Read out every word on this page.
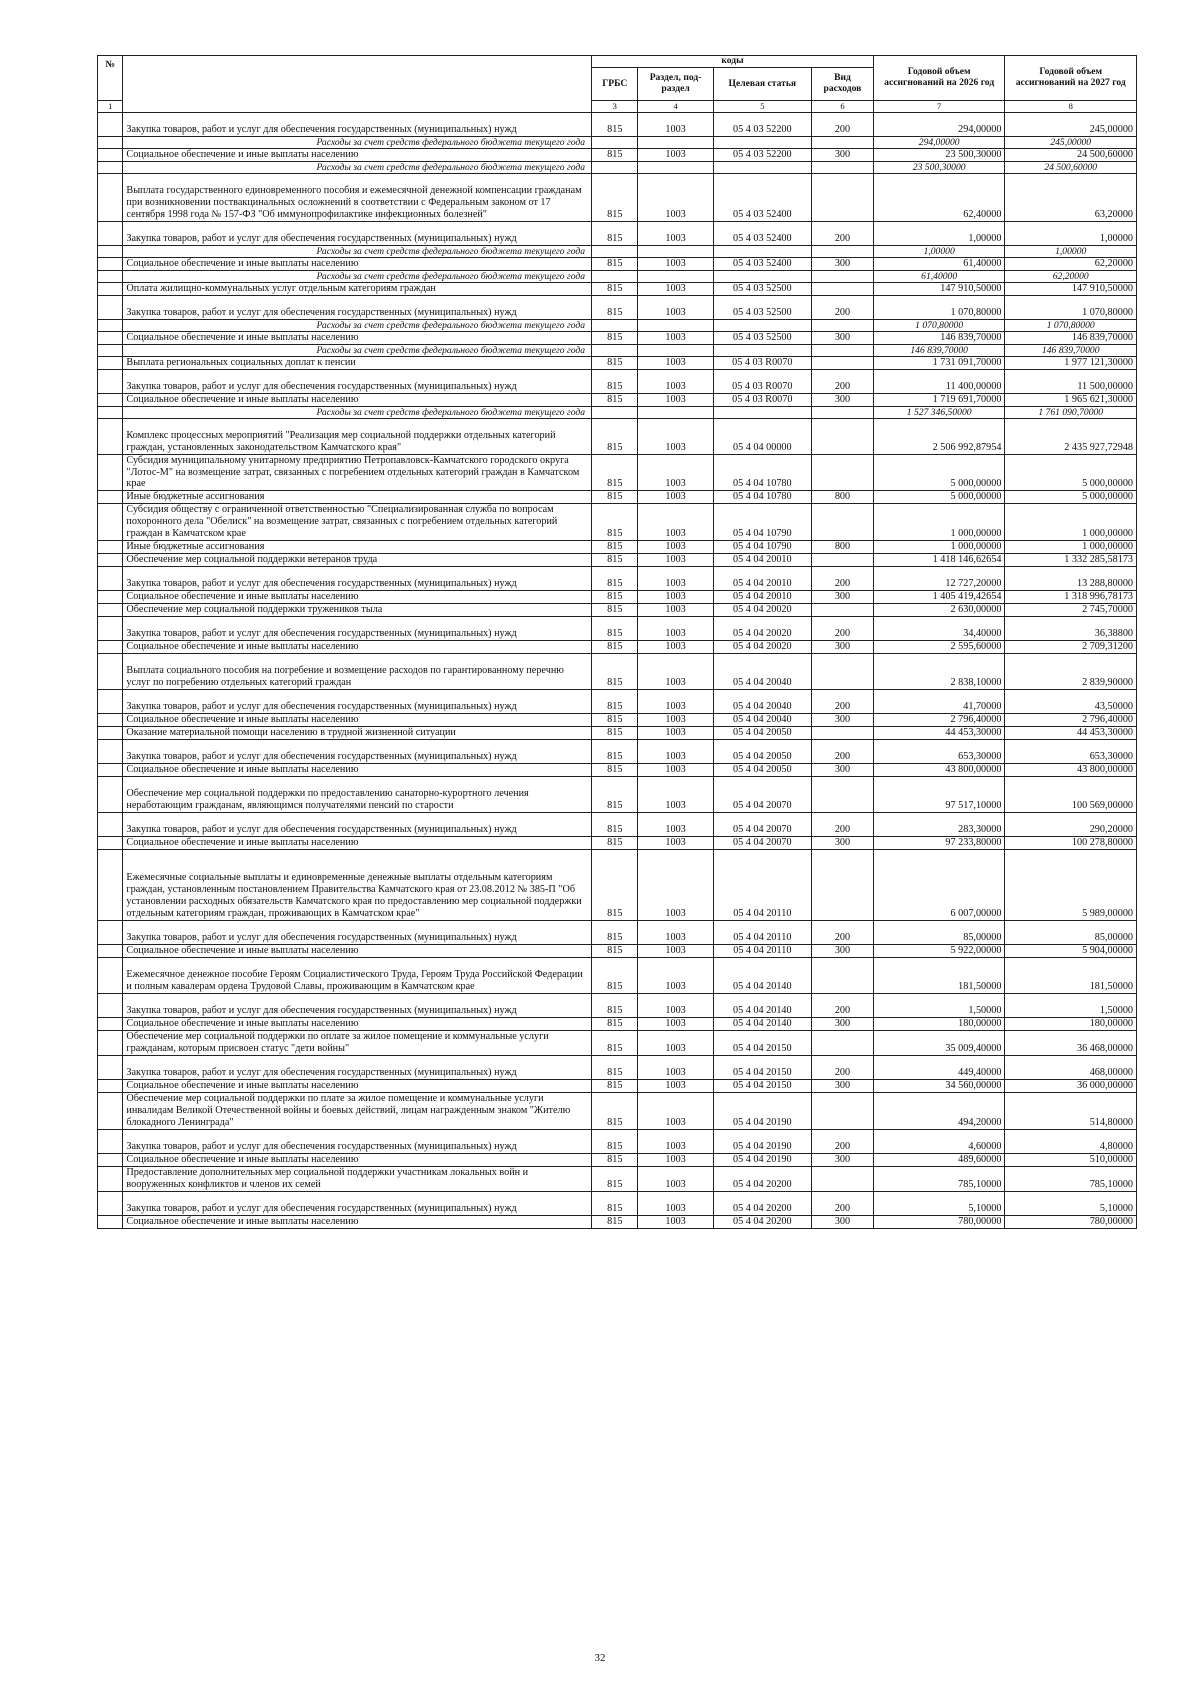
№		коды				Годовой объем ассигнований на 2026 год	Годовой объем ассигнований на 2027 год
		ГРБС	Раздел, под-раздел	Целевая статья	Вид расходов		
1		3	4	5	6	7	8
	Закупка товаров, работ и услуг для обеспечения государственных (муниципальных) нужд	815	1003	05 4 03 52200	200	294,00000	245,00000
	Расходы за счет средств федерального бюджета текущего года					294,00000	245,00000
	Социальное обеспечение и иные выплаты населению	815	1003	05 4 03 52200	300	23 500,30000	24 500,60000
	Расходы за счет средств федерального бюджета текущего года					23 500,30000	24 500,60000
	Выплата государственного единовременного пособия и ежемесячной денежной компенсации гражданам при возникновении поствакцинальных осложнений в соответствии с Федеральным законом от 17 сентября 1998 года № 157-ФЗ "Об иммунопрофилактике инфекционных болезней"	815	1003	05 4 03 52400		62,40000	63,20000
	Закупка товаров, работ и услуг для обеспечения государственных (муниципальных) нужд	815	1003	05 4 03 52400	200	1,00000	1,00000
	Расходы за счет средств федерального бюджета текущего года					1,00000	1,00000
	Социальное обеспечение и иные выплаты населению	815	1003	05 4 03 52400	300	61,40000	62,20000
	Расходы за счет средств федерального бюджета текущего года					61,40000	62,20000
	Оплата жилищно-коммунальных услуг отдельным категориям граждан	815	1003	05 4 03 52500		147 910,50000	147 910,50000
	Закупка товаров, работ и услуг для обеспечения государственных (муниципальных) нужд	815	1003	05 4 03 52500	200	1 070,80000	1 070,80000
	Расходы за счет средств федерального бюджета текущего года					1 070,80000	1 070,80000
	Социальное обеспечение и иные выплаты населению	815	1003	05 4 03 52500	300	146 839,70000	146 839,70000
	Расходы за счет средств федерального бюджета текущего года					146 839,70000	146 839,70000
	Выплата региональных социальных доплат к пенсии	815	1003	05 4 03 R0070		1 731 091,70000	1 977 121,30000
	Закупка товаров, работ и услуг для обеспечения государственных (муниципальных) нужд	815	1003	05 4 03 R0070	200	11 400,00000	11 500,00000
	Социальное обеспечение и иные выплаты населению	815	1003	05 4 03 R0070	300	1 719 691,70000	1 965 621,30000
	Расходы за счет средств федерального бюджета текущего года					1 527 346,50000	1 761 090,70000
	Комплекс процессных мероприятий "Реализация мер социальной поддержки отдельных категорий граждан, установленных законодательством Камчатского края"	815	1003	05 4 04 00000		2 506 992,87954	2 435 927,72948
	Субсидия муниципальному унитарному предприятию Петропавловск-Камчатского городского округа "Лотос-М" на возмещение затрат, связанных с погребением отдельных категорий граждан в Камчатском крае	815	1003	05 4 04 10780		5 000,00000	5 000,00000
	Иные бюджетные ассигнования	815	1003	05 4 04 10780	800	5 000,00000	5 000,00000
	Субсидия обществу с ограниченной ответственностью "Специализированная служба по вопросам похоронного дела "Обелиск" на возмещение затрат, связанных с погребением отдельных категорий граждан в Камчатском крае	815	1003	05 4 04 10790		1 000,00000	1 000,00000
	Иные бюджетные ассигнования	815	1003	05 4 04 10790	800	1 000,00000	1 000,00000
	Обеспечение мер социальной поддержки ветеранов труда	815	1003	05 4 04 20010		1 418 146,62654	1 332 285,58173
	Закупка товаров, работ и услуг для обеспечения государственных (муниципальных) нужд	815	1003	05 4 04 20010	200	12 727,20000	13 288,80000
	Социальное обеспечение и иные выплаты населению	815	1003	05 4 04 20010	300	1 405 419,42654	1 318 996,78173
	Обеспечение мер социальной поддержки тружеников тыла	815	1003	05 4 04 20020		2 630,00000	2 745,70000
	Закупка товаров, работ и услуг для обеспечения государственных (муниципальных) нужд	815	1003	05 4 04 20020	200	34,40000	36,38800
	Социальное обеспечение и иные выплаты населению	815	1003	05 4 04 20020	300	2 595,60000	2 709,31200
	Выплата социального пособия на погребение и возмещение расходов по гарантированному перечню услуг по погребению отдельных категорий граждан	815	1003	05 4 04 20040		2 838,10000	2 839,90000
	Закупка товаров, работ и услуг для обеспечения государственных (муниципальных) нужд	815	1003	05 4 04 20040	200	41,70000	43,50000
	Социальное обеспечение и иные выплаты населению	815	1003	05 4 04 20040	300	2 796,40000	2 796,40000
	Оказание материальной помощи населению в трудной жизненной ситуации	815	1003	05 4 04 20050		44 453,30000	44 453,30000
	Закупка товаров, работ и услуг для обеспечения государственных (муниципальных) нужд	815	1003	05 4 04 20050	200	653,30000	653,30000
	Социальное обеспечение и иные выплаты населению	815	1003	05 4 04 20050	300	43 800,00000	43 800,00000
	Обеспечение мер социальной поддержки по предоставлению санаторно-курортного лечения неработающим гражданам, являющимся получателями пенсий по старости	815	1003	05 4 04 20070		97 517,10000	100 569,00000
	Закупка товаров, работ и услуг для обеспечения государственных (муниципальных) нужд	815	1003	05 4 04 20070	200	283,30000	290,20000
	Социальное обеспечение и иные выплаты населению	815	1003	05 4 04 20070	300	97 233,80000	100 278,80000
	Ежемесячные социальные выплаты и единовременные денежные выплаты отдельным категориям граждан, установленным постановлением Правительства Камчатского края от 23.08.2012 № 385-П "Об установлении расходных обязательств Камчатского края по предоставлению мер социальной поддержки отдельным категориям граждан, проживающих в Камчатском крае"	815	1003	05 4 04 20110		6 007,00000	5 989,00000
	Закупка товаров, работ и услуг для обеспечения государственных (муниципальных) нужд	815	1003	05 4 04 20110	200	85,00000	85,00000
	Социальное обеспечение и иные выплаты населению	815	1003	05 4 04 20110	300	5 922,00000	5 904,00000
	Ежемесячное денежное пособие Героям Социалистического Труда, Героям Труда Российской Федерации и полным кавалерам ордена Трудовой Славы, проживающим в Камчатском крае	815	1003	05 4 04 20140		181,50000	181,50000
	Закупка товаров, работ и услуг для обеспечения государственных (муниципальных) нужд	815	1003	05 4 04 20140	200	1,50000	1,50000
	Социальное обеспечение и иные выплаты населению	815	1003	05 4 04 20140	300	180,00000	180,00000
	Обеспечение мер социальной поддержки по оплате за жилое помещение и коммунальные услуги гражданам, которым присвоен статус "дети войны"	815	1003	05 4 04 20150		35 009,40000	36 468,00000
	Закупка товаров, работ и услуг для обеспечения государственных (муниципальных) нужд	815	1003	05 4 04 20150	200	449,40000	468,00000
	Социальное обеспечение и иные выплаты населению	815	1003	05 4 04 20150	300	34 560,00000	36 000,00000
	Обеспечение мер социальной поддержки по плате за жилое помещение и коммунальные услуги инвалидам Великой Отечественной войны и боевых действий, лицам награжденным знаком "Жителю блокадного Ленинграда"	815	1003	05 4 04 20190		494,20000	514,80000
	Закупка товаров, работ и услуг для обеспечения государственных (муниципальных) нужд	815	1003	05 4 04 20190	200	4,60000	4,80000
	Социальное обеспечение и иные выплаты населению	815	1003	05 4 04 20190	300	489,60000	510,00000
	Предоставление дополнительных мер социальной поддержки участникам локальных войн и вооруженных конфликтов и членов их семей	815	1003	05 4 04 20200		785,10000	785,10000
	Закупка товаров, работ и услуг для обеспечения государственных (муниципальных) нужд	815	1003	05 4 04 20200	200	5,10000	5,10000
	Социальное обеспечение и иные выплаты населению	815	1003	05 4 04 20200	300	780,00000	780,00000
32
